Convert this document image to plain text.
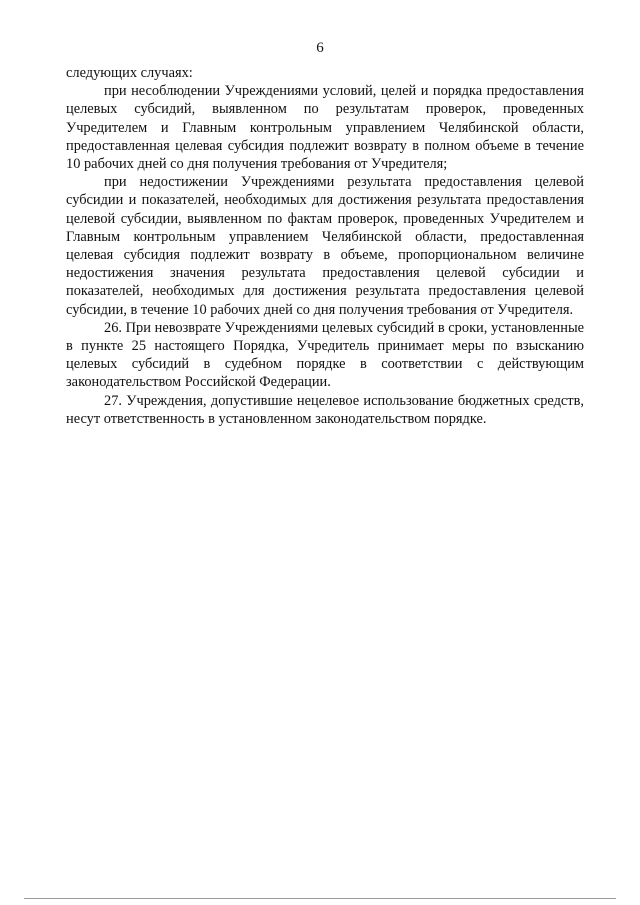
6

следующих случаях:

при несоблюдении Учреждениями условий, целей и порядка предоставления целевых субсидий, выявленном по результатам проверок, проведенных Учредителем и Главным контрольным управлением Челябинской области, предоставленная целевая субсидия подлежит возврату в полном объеме в течение 10 рабочих дней со дня получения требования от Учредителя;

при недостижении Учреждениями результата предоставления целевой субсидии и показателей, необходимых для достижения результата предоставления целевой субсидии, выявленном по фактам проверок, проведенных Учредителем и Главным контрольным управлением Челябинской области, предоставленная целевая субсидия подлежит возврату в объеме, пропорциональном величине недостижения значения результата предоставления целевой субсидии и показателей, необходимых для достижения результата предоставления целевой субсидии, в течение 10 рабочих дней со дня получения требования от Учредителя.

26. При невозврате Учреждениями целевых субсидий в сроки, установленные в пункте 25 настоящего Порядка, Учредитель принимает меры по взысканию целевых субсидий в судебном порядке в соответствии с действующим законодательством Российской Федерации.

27. Учреждения, допустившие нецелевое использование бюджетных средств, несут ответственность в установленном законодательством порядке.
